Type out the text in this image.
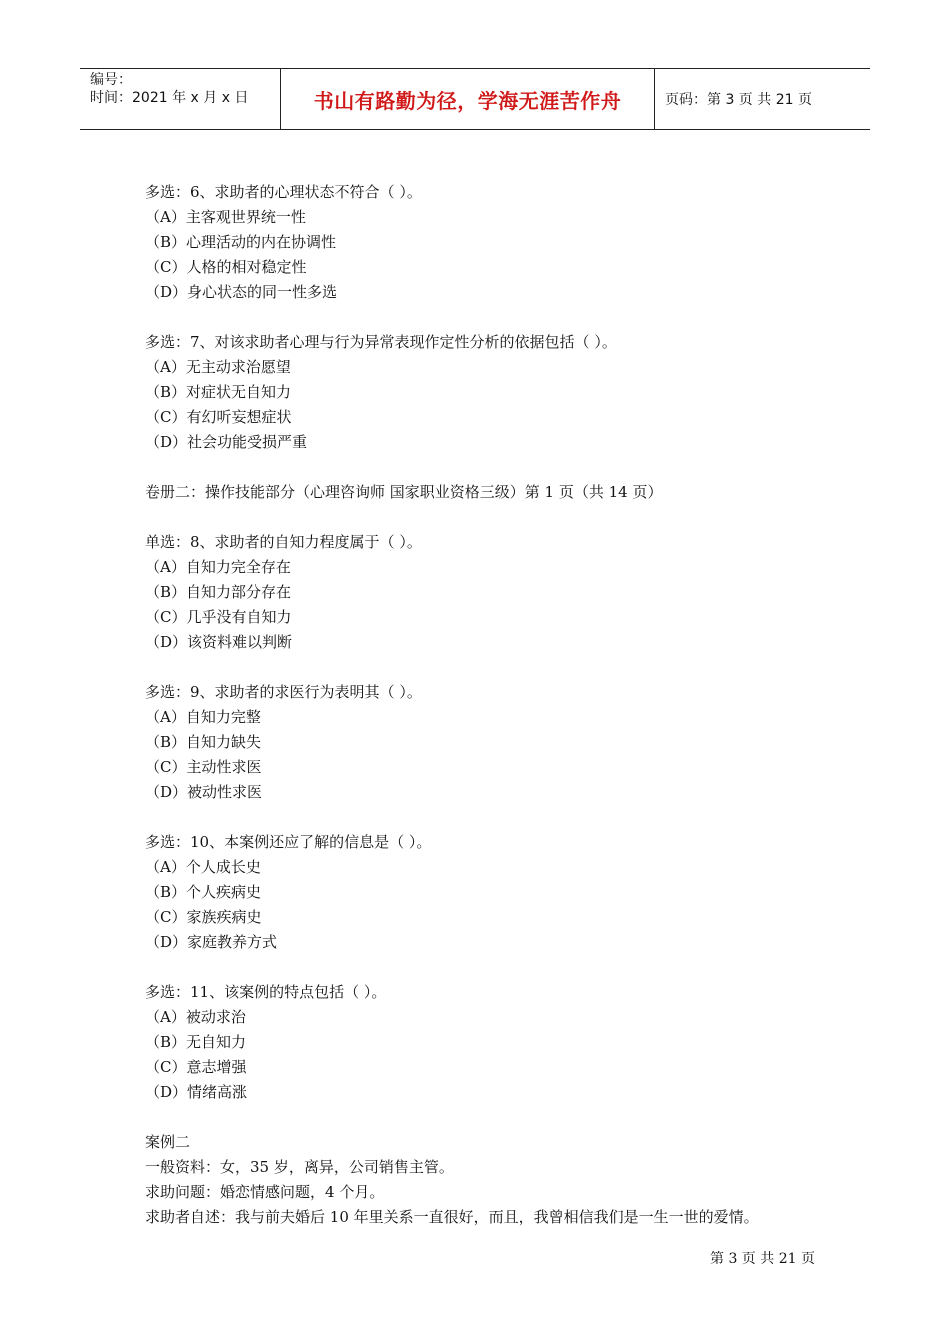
编号：
时间：2021 年 x 月 x 日	书山有路勤为径，学海无涯苦作舟	页码：第 3 页 共 21 页
多选：6、求助者的心理状态不符合（ ）。
（A）主客观世界统一性
（B）心理活动的内在协调性
（C）人格的相对稳定性
（D）身心状态的同一性多选
多选：7、对该求助者心理与行为异常表现作定性分析的依据包括（ ）。
（A）无主动求治愿望
（B）对症状无自知力
（C）有幻听妄想症状
（D）社会功能受损严重
卷册二：操作技能部分（心理咨询师 国家职业资格三级）第 1 页（共 14 页）
单选：8、求助者的自知力程度属于（ ）。
（A）自知力完全存在
（B）自知力部分存在
（C）几乎没有自知力
（D）该资料难以判断
多选：9、求助者的求医行为表明其（ ）。
（A）自知力完整
（B）自知力缺失
（C）主动性求医
（D）被动性求医
多选：10、本案例还应了解的信息是（ ）。
（A）个人成长史
（B）个人疾病史
（C）家族疾病史
（D）家庭教养方式
多选：11、该案例的特点包括（ ）。
（A）被动求治
（B）无自知力
（C）意志增强
（D）情绪高涨
案例二
一般资料：女，35 岁，离异，公司销售主管。
求助问题：婚恋情感问题，4 个月。
求助者自述：我与前夫婚后 10 年里关系一直很好，而且，我曾相信我们是一生一世的爱情。
第 3 页 共 21 页
